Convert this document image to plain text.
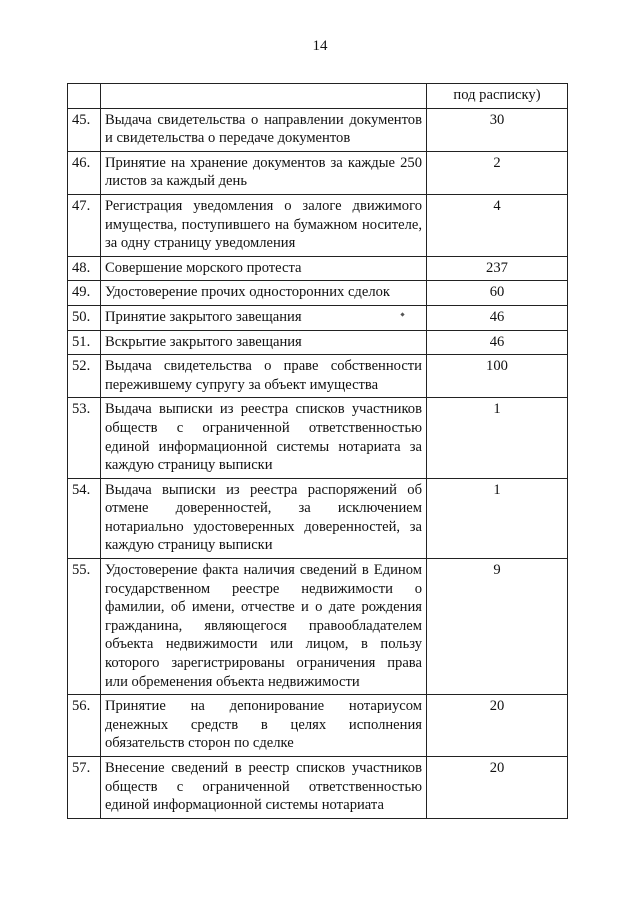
14
		под расписку)
45.	Выдача свидетельства о направлении документов и свидетельства о передаче документов	30
46.	Принятие на хранение документов за каждые 250 листов за каждый день	2
47.	Регистрация уведомления о залоге движимого имущества, поступившего на бумажном носителе, за одну страницу уведомления	4
48.	Совершение морского протеста	237
49.	Удостоверение прочих односторонних сделок	60
50.	Принятие закрытого завещания	46
51.	Вскрытие закрытого завещания	46
52.	Выдача свидетельства о праве собственности пережившему супругу за объект имущества	100
53.	Выдача выписки из реестра списков участников обществ с ограниченной ответственностью единой информационной системы нотариата за каждую страницу выписки	1
54.	Выдача выписки из реестра распоряжений об отмене доверенностей, за исключением нотариально удостоверенных доверенностей, за каждую страницу выписки	1
55.	Удостоверение факта наличия сведений в Едином государственном реестре недвижимости о фамилии, об имени, отчестве и о дате рождения гражданина, являющегося правообладателем объекта недвижимости или лицом, в пользу которого зарегистрированы ограничения права или обременения объекта недвижимости	9
56.	Принятие на депонирование нотариусом денежных средств в целях исполнения обязательств сторон по сделке	20
57.	Внесение сведений в реестр списков участников обществ с ограниченной ответственностью единой информационной системы нотариата	20
